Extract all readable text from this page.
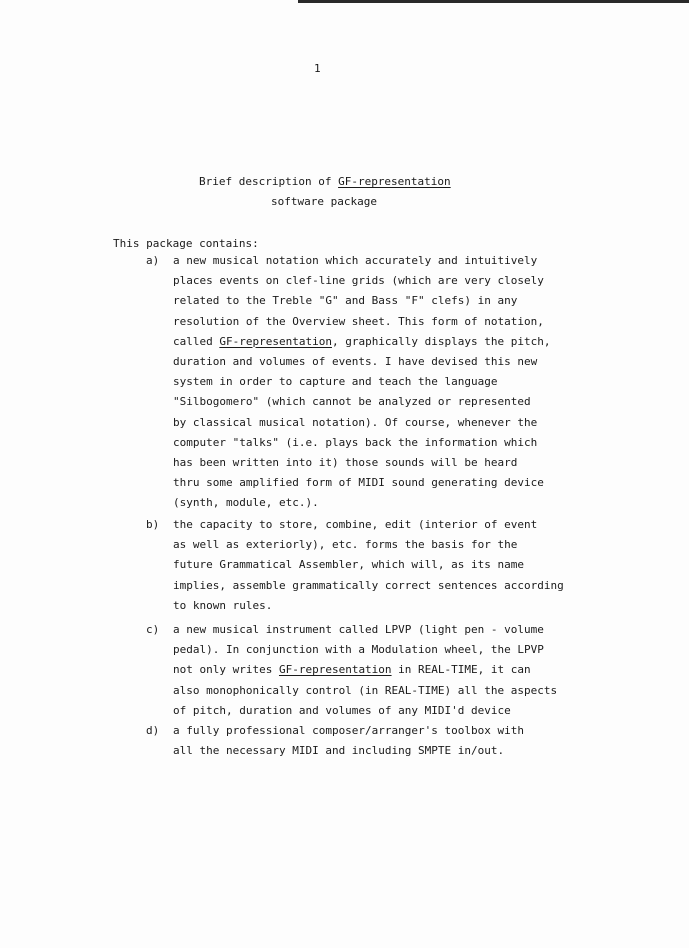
1
Brief description of GF-representation
software package
This package contains:
a) a new musical notation which accurately and intuitively
places events on clef-line grids (which are very closely
related to the Treble "G" and Bass "F" clefs) in any
resolution of the Overview sheet. This form of notation,
called GF-representation, graphically displays the pitch,
duration and volumes of events. I have devised this new
system in order to capture and teach the language
"Silbogomero" (which cannot be analyzed or represented
by classical musical notation). Of course, whenever the
computer "talks" (i.e. plays back the information which
has been written into it) those sounds will be heard
thru some amplified form of MIDI sound generating device
(synth, module, etc.).
b) the capacity to store, combine, edit (interior of event
as well as exteriorly), etc. forms the basis for the
future Grammatical Assembler, which will, as its name
implies, assemble grammatically correct sentences according
to known rules.
c) a new musical instrument called LPVP (light pen - volume
pedal). In conjunction with a Modulation wheel, the LPVP
not only writes GF-representation in REAL-TIME, it can
also monophonically control (in REAL-TIME) all the aspects
of pitch, duration and volumes of any MIDI'd device
d) a fully professional composer/arranger's toolbox with
all the necessary MIDI and including SMPTE in/out.
